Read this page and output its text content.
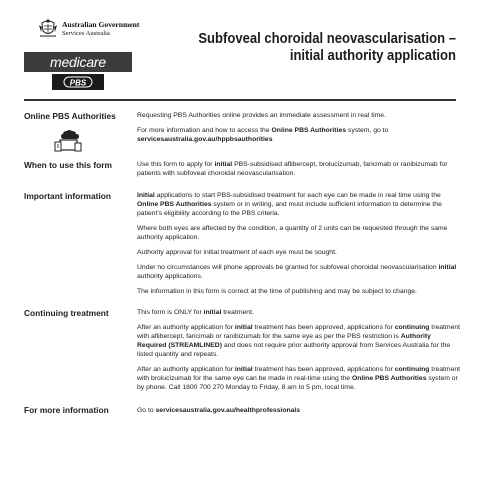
Australian Government
Services Australia
medicare
PBS
Subfoveal choroidal neovascularisation –
initial authority application
Online PBS Authorities	Requesting PBS Authorities online provides an immediate assessment in real time.

For more information and how to access the Online PBS Authorities system, go to
servicesaustralia.gov.au/hppbsauthorities

When to use this form	Use this form to apply for initial PBS-subsidised aflibercept, brolucizumab, faricimab or ranibizumab for patients with subfoveal choroidal neovascularisation.

Important information	Initial applications to start PBS-subsidised treatment for each eye can be made in real time using the Online PBS Authorities system or in writing, and must include sufficient information to determine the patient's eligibility according to the PBS criteria.

Where both eyes are affected by the condition, a quantity of 2 units can be requested through the same authority application.

Authority approval for initial treatment of each eye must be sought.

Under no circumstances will phone approvals be granted for subfoveal choroidal neovascularisation initial authority applications.

The information in this form is correct at the time of publishing and may be subject to change.

Continuing treatment	This form is ONLY for initial treatment.

After an authority application for initial treatment has been approved, applications for continuing treatment with aflibercept, faricimab or ranibizumab for the same eye as per the PBS restriction is Authority Required (STREAMLINED) and does not require prior authority approval from Services Australia for the listed quantity and repeats.

After an authority application for initial treatment has been approved, applications for continuing treatment with brolucizumab for the same eye can be made in real-time using the Online PBS Authorities system or by phone. Call 1800 700 270 Monday to Friday, 8 am to 5 pm, local time.

For more information	Go to servicesaustralia.gov.au/healthprofessionals
